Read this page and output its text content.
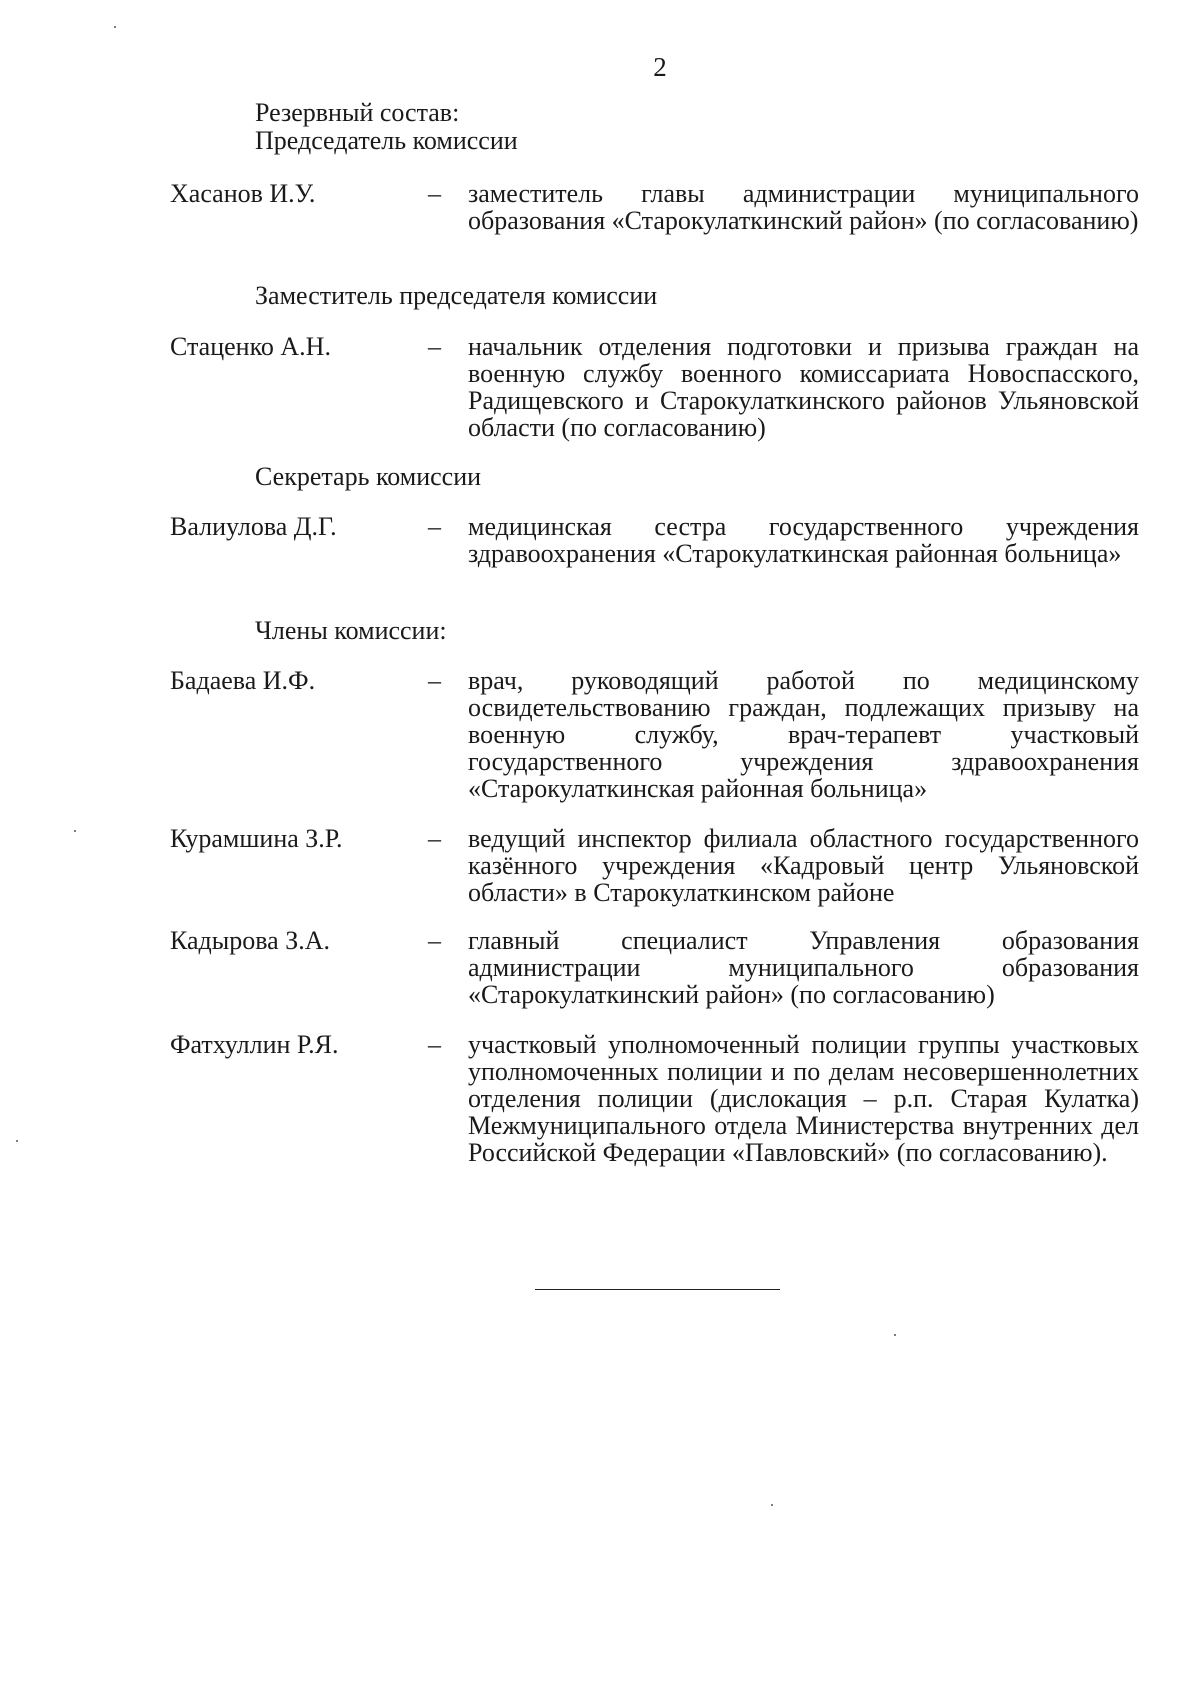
2
Резервный состав:
Председатель комиссии
Хасанов И.У.	– заместитель главы администрации муниципального образования «Старокулаткинский район» (по согласованию)
Заместитель председателя комиссии
Стаценко А.Н.	– начальник отделения подготовки и призыва граждан на военную службу военного комиссариата Новоспасского, Радищевского и Старокулаткинского районов Ульяновской области (по согласованию)
Секретарь комиссии
Валиулова Д.Г.	– медицинская сестра государственного учреждения здравоохранения «Старокулаткинская районная больница»
Члены комиссии:
Бадаева И.Ф.	– врач, руководящий работой по медицинскому освидетельствованию граждан, подлежащих призыву на военную службу, врач-терапевт участковый государственного учреждения здравоохранения «Старокулаткинская районная больница»
Курамшина З.Р.	– ведущий инспектор филиала областного государственного казённого учреждения «Кадровый центр Ульяновской области» в Старокулаткинском районе
Кадырова З.А.	– главный специалист Управления образования администрации муниципального образования «Старокулаткинский район» (по согласованию)
Фатхуллин Р.Я.	– участковый уполномоченный полиции группы участковых уполномоченных полиции и по делам несовершеннолетних отделения полиции (дислокация – р.п. Старая Кулатка) Межмуниципального отдела Министерства внутренних дел Российской Федерации «Павловский» (по согласованию).
